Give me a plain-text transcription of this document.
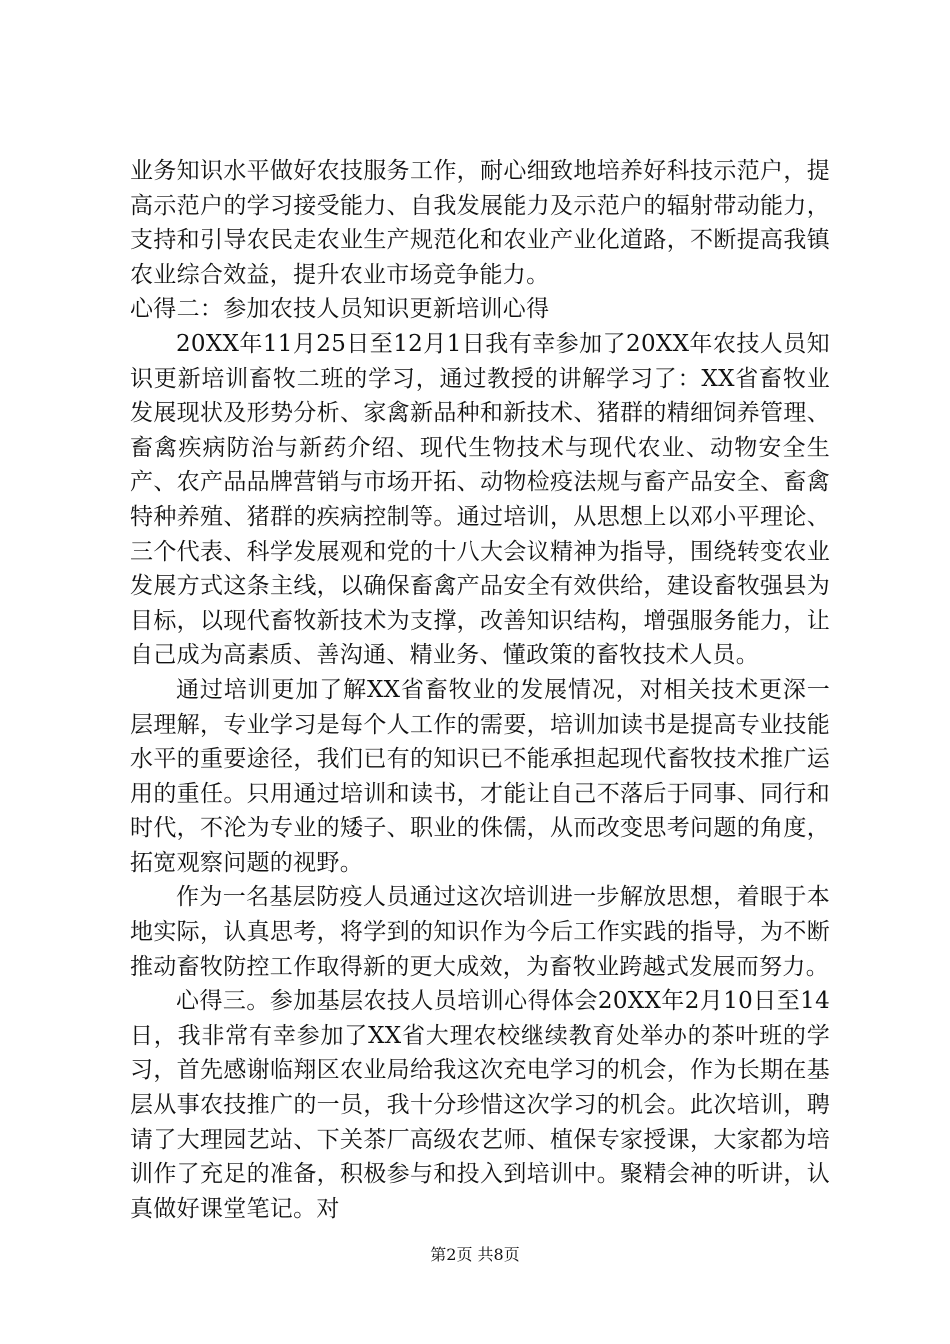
业务知识水平做好农技服务工作，耐心细致地培养好科技示范户，提高示范户的学习接受能力、自我发展能力及示范户的辐射带动能力，支持和引导农民走农业生产规范化和农业产业化道路，不断提高我镇农业综合效益，提升农业市场竞争能力。

心得二：参加农技人员知识更新培训心得

20XX年11月25日至12月1日我有幸参加了20XX年农技人员知识更新培训畜牧二班的学习，通过教授的讲解学习了：XX省畜牧业发展现状及形势分析、家禽新品种和新技术、猪群的精细饲养管理、畜禽疾病防治与新药介绍、现代生物技术与现代农业、动物安全生产、农产品品牌营销与市场开拓、动物检疫法规与畜产品安全、畜禽特种养殖、猪群的疾病控制等。通过培训，从思想上以邓小平理论、三个代表、科学发展观和党的十八大会议精神为指导，围绕转变农业发展方式这条主线，以确保畜禽产品安全有效供给，建设畜牧强县为目标，以现代畜牧新技术为支撑，改善知识结构，增强服务能力，让自己成为高素质、善沟通、精业务、懂政策的畜牧技术人员。

通过培训更加了解XX省畜牧业的发展情况，对相关技术更深一层理解，专业学习是每个人工作的需要，培训加读书是提高专业技能水平的重要途径，我们已有的知识已不能承担起现代畜牧技术推广运用的重任。只用通过培训和读书，才能让自己不落后于同事、同行和时代，不沦为专业的矮子、职业的侏儒，从而改变思考问题的角度，拓宽观察问题的视野。

作为一名基层防疫人员通过这次培训进一步解放思想，着眼于本地实际，认真思考，将学到的知识作为今后工作实践的指导，为不断推动畜牧防控工作取得新的更大成效，为畜牧业跨越式发展而努力。

心得三。参加基层农技人员培训心得体会20XX年2月10日至14日，我非常有幸参加了XX省大理农校继续教育处举办的茶叶班的学习，首先感谢临翔区农业局给我这次充电学习的机会，作为长期在基层从事农技推广的一员，我十分珍惜这次学习的机会。此次培训，聘请了大理园艺站、下关茶厂高级农艺师、植保专家授课，大家都为培训作了充足的准备，积极参与和投入到培训中。聚精会神的听讲，认真做好课堂笔记。对

第2页 共8页
